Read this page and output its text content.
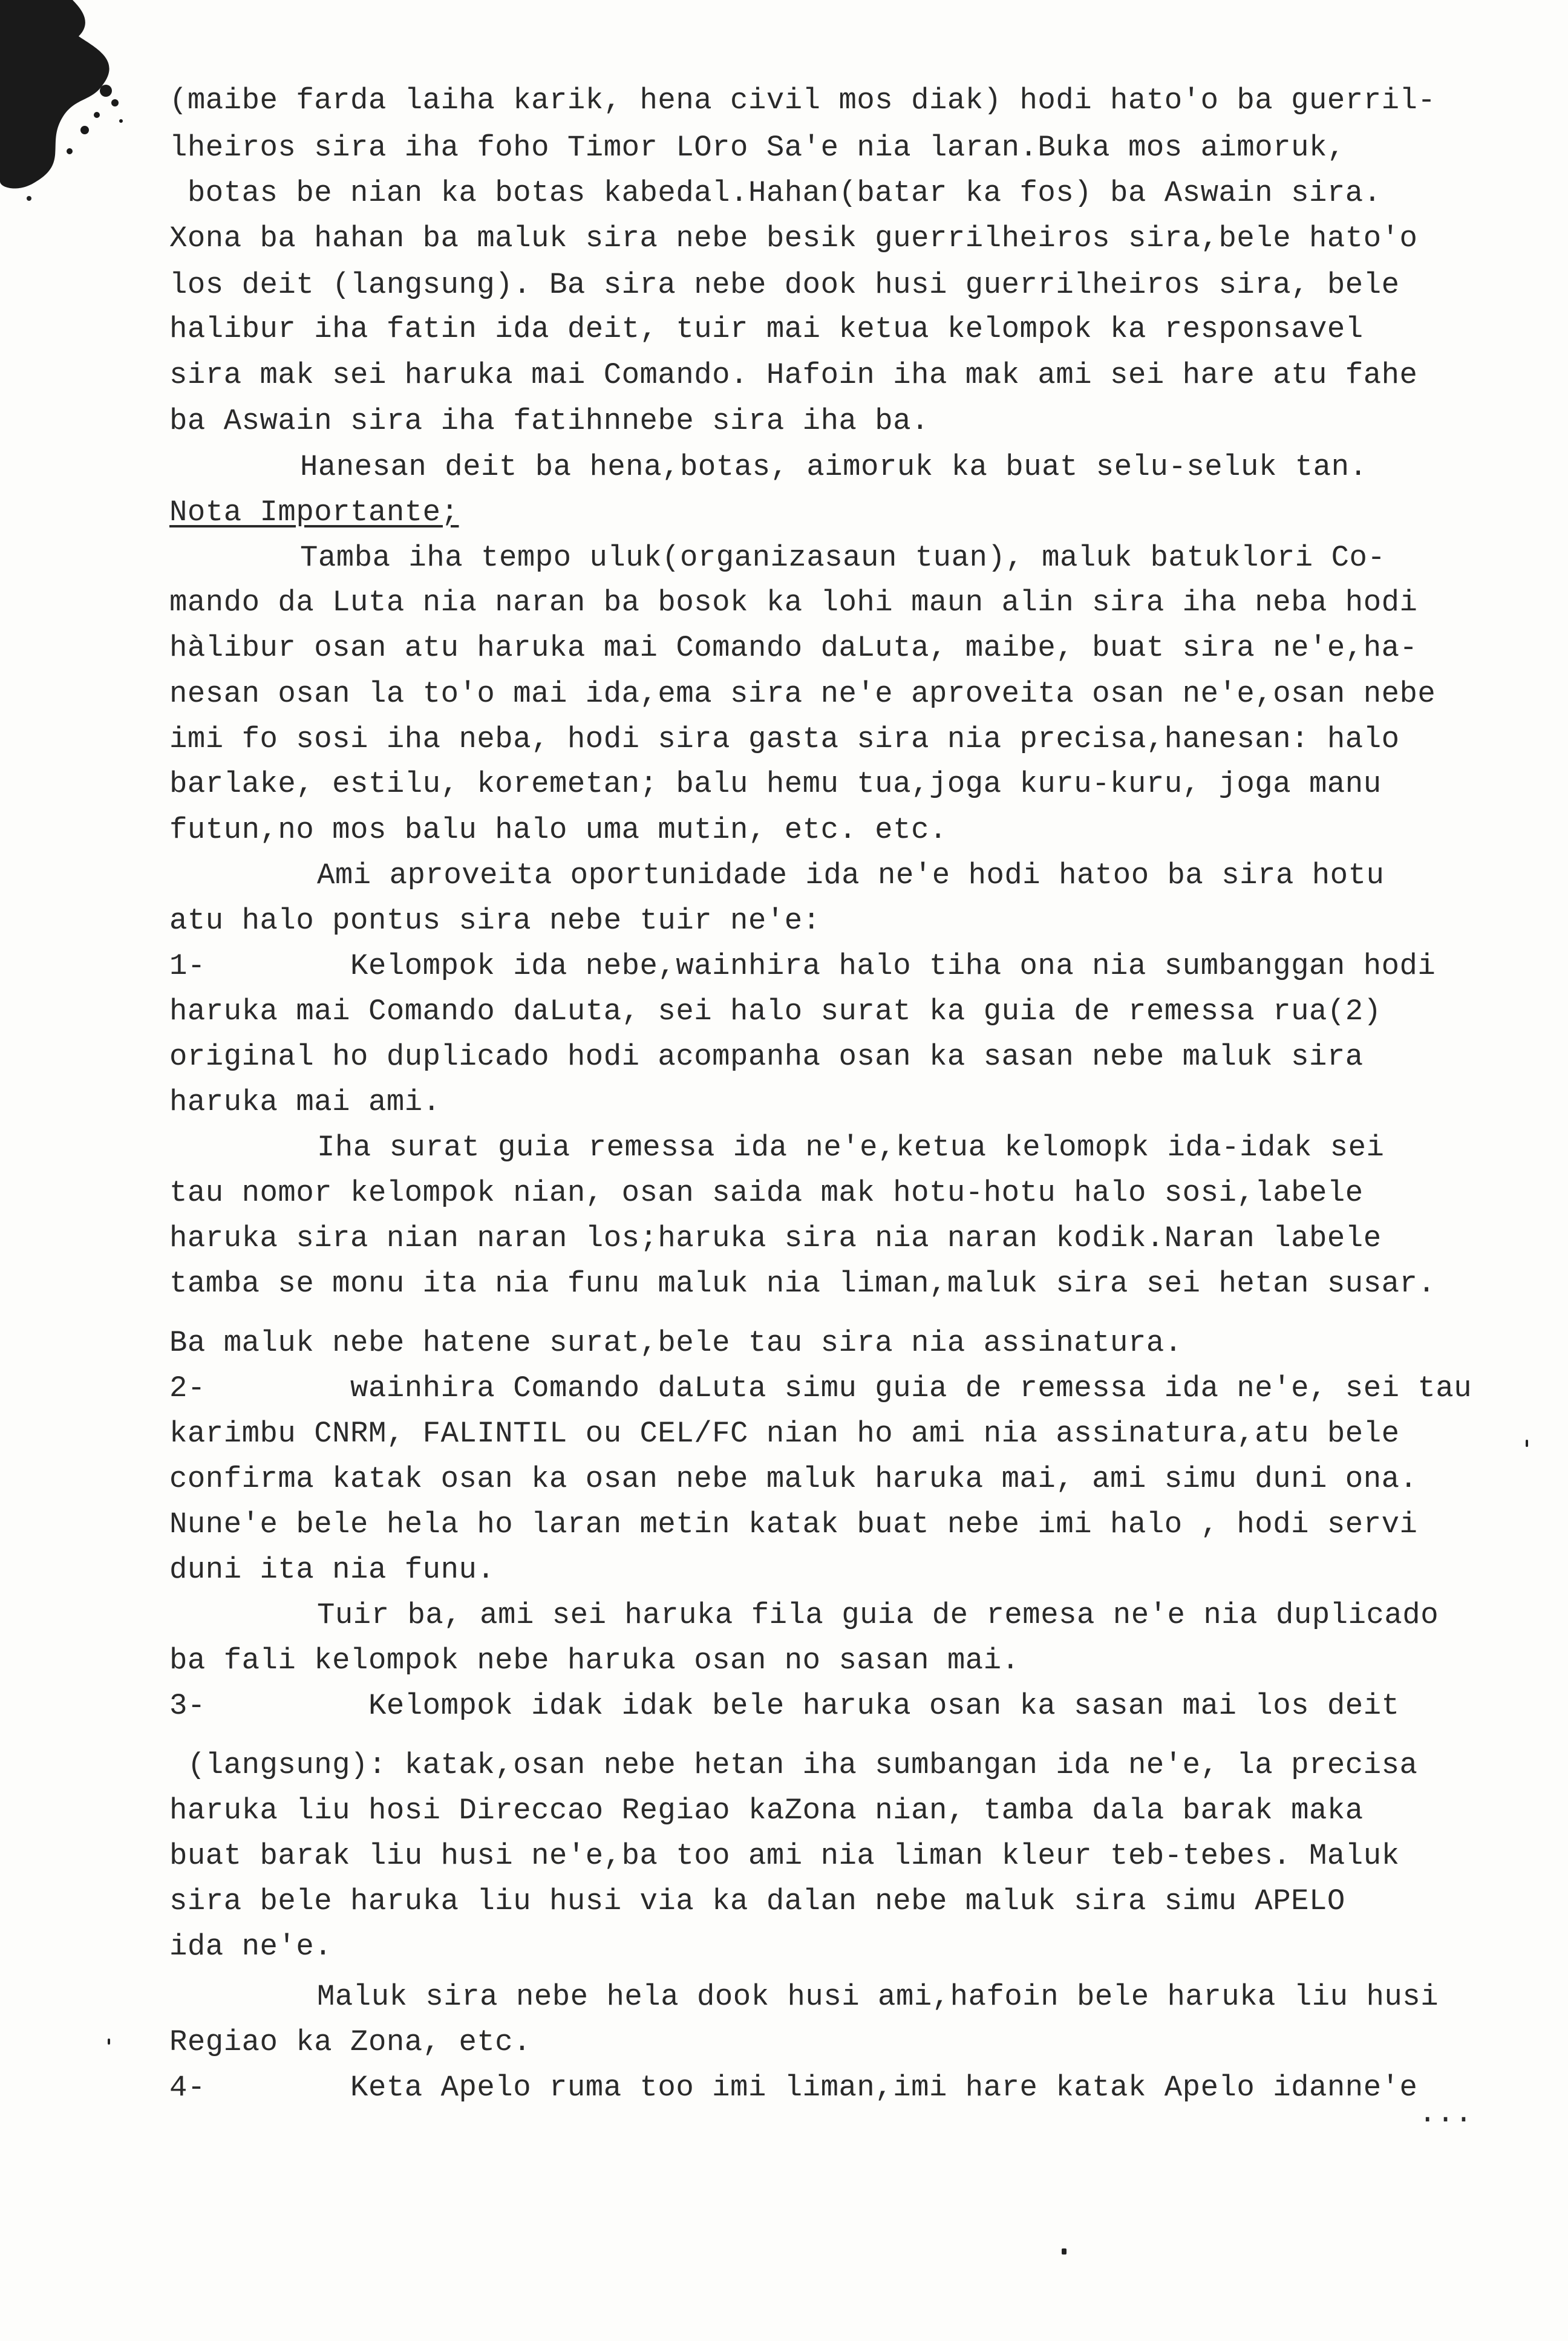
(maibe farda laiha karik, hena civil mos diak) hodi hato'o ba guerril-
lheiros sira iha foho Timor LOro Sa'e nia laran.Buka mos aimoruk,
botas be nian ka botas kabedal.Hahan(batar ka fos) ba Aswain sira.
Xona ba hahan ba maluk sira nebe besik guerrilheiros sira,bele hato'o
los deit (langsung). Ba sira nebe dook husi guerrilheiros sira, bele
halibur iha fatin ida deit, tuir mai ketua kelompok ka responsavel
sira mak sei haruka mai Comando. Hafoin iha mak ami sei hare atu fahe
ba Aswain sira iha fatihnnebe sira iha ba.
Hanesan deit ba hena,botas, aimoruk ka buat selu-seluk tan.
Nota Importante;
Tamba iha tempo uluk(organizasaun tuan), maluk batuklori Co-
mando da Luta nia naran ba bosok ka lohi maun alin sira iha neba hodi
hàlibur osan atu haruka mai Comando daLuta, maibe, buat sira ne'e,ha-
nesan osan la to'o mai ida,ema sira ne'e aproveita osan ne'e,osan nebe
imi fo sosi iha neba, hodi sira gasta sira nia precisa,hanesan: halo
barlake, estilu, koremetan; balu hemu tua,joga kuru-kuru, joga manu
futun,no mos balu halo uma mutin, etc. etc.
Ami aproveita oportunidade ida ne'e hodi hatoo ba sira hotu
atu halo pontus sira nebe tuir ne'e:
1-        Kelompok ida nebe,wainhira halo tiha ona nia sumbanggan hodi
haruka mai Comando daLuta, sei halo surat ka guia de remessa rua(2)
original ho duplicado hodi acompanha osan ka sasan nebe maluk sira
haruka mai ami.
Iha surat guia remessa ida ne'e,ketua kelomopk ida-idak sei
tau nomor kelompok nian, osan saida mak hotu-hotu halo sosi,labele
haruka sira nian naran los;haruka sira nia naran kodik.Naran labele
tamba se monu ita nia funu maluk nia liman,maluk sira sei hetan susar.
Ba maluk nebe hatene surat,bele tau sira nia assinatura.
2-        wainhira Comando daLuta simu guia de remessa ida ne'e, sei tau
karimbu CNRM, FALINTIL ou CEL/FC nian ho ami nia assinatura,atu bele
confirma katak osan ka osan nebe maluk haruka mai, ami simu duni ona.
Nune'e bele hela ho laran metin katak buat nebe imi halo , hodi servi
duni ita nia funu.
Tuir ba, ami sei haruka fila guia de remesa ne'e nia duplicado
ba fali kelompok nebe haruka osan no sasan mai.
3-         Kelompok idak idak bele haruka osan ka sasan mai los deit
(langsung): katak,osan nebe hetan iha sumbangan ida ne'e, la precisa
haruka liu hosi Direccao Regiao kaZona nian, tamba dala barak maka
buat barak liu husi ne'e,ba too ami nia liman kleur teb-tebes. Maluk
sira bele haruka liu husi via ka dalan nebe maluk sira simu APELO
ida ne'e.
Maluk sira nebe hela dook husi ami,hafoin bele haruka liu husi
Regiao ka Zona, etc.
4-        Keta Apelo ruma too imi liman,imi hare katak Apelo idanne'e
...
